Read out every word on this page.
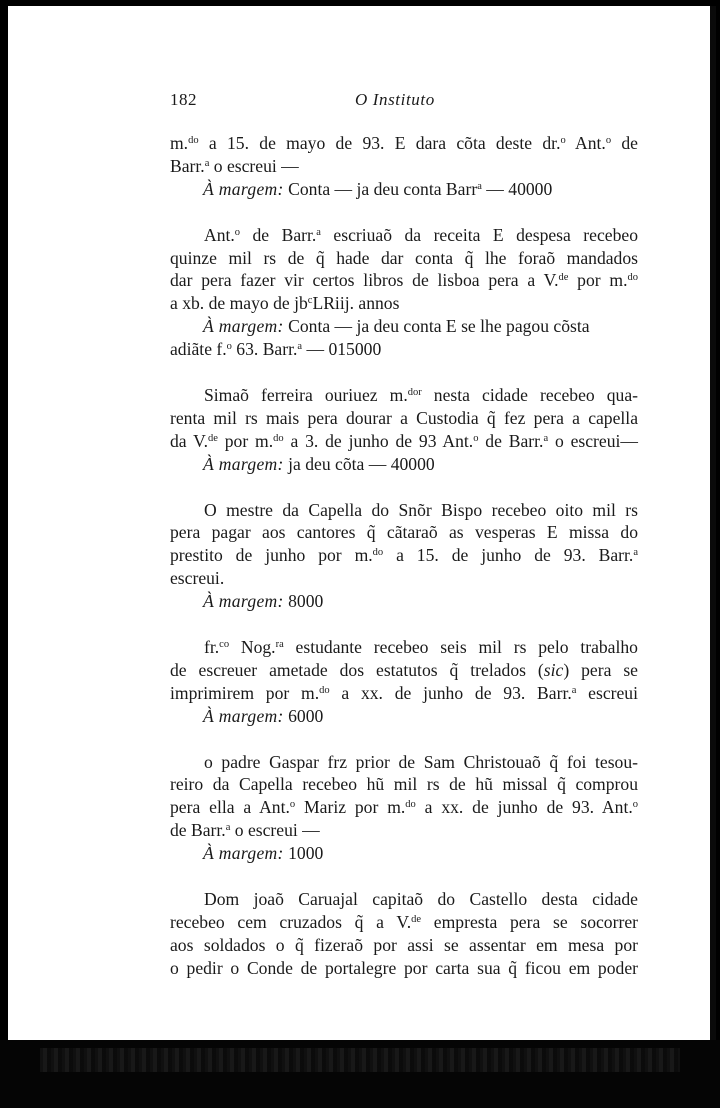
182	O Instituto
m.$^{do}$ a 15. de mayo de 93. E dara cõta deste dr.$^o$ Ant.$^o$ de
Barr.$^a$ o escreui —
À margem: Conta — ja deu conta Barr$^a$ — 40000
Ant.$^o$ de Barr.$^a$ escriuaõ da receita E despesa recebeo
quinze mil rs de q̃ hade dar conta q̃ lhe foraõ mandados
dar pera fazer vir certos libros de lisboa pera a V.$^{de}$ por m.$^{do}$
a xb. de mayo de $jb^cLRiij$. annos
À margem: Conta — ja deu conta E se lhe pagou cõsta
adiãte f.$^o$ 63. Barr.$^a$ — 015000
Simaõ ferreira ouriuez m.$^{dor}$ nesta cidade recebeo qua-
renta mil rs mais pera dourar a Custodia q̃ fez pera a capella
da V.$^{de}$ por m.$^{do}$ a 3. de junho de 93 Ant.$^o$ de Barr.$^a$ o escreui—
À margem: ja deu cõta — 40000
O mestre da Capella do Snõr Bispo recebeo oito mil rs
pera pagar aos cantores q̃ cãtaraõ as vesperas E missa do
prestito de junho por m.$^{do}$ a 15. de junho de 93. Barr.$^a$
escreui.
À margem: 8000
fr.$^{co}$ Nog.$^{ra}$ estudante recebeo seis mil rs pelo trabalho
de escreuer ametade dos estatutos q̃ trelados (sic) pera se
imprimirem por m.$^{do}$ a xx. de junho de 93. Barr.$^a$ escreui
À margem: 6000
o padre Gaspar frz prior de Sam Christouaõ q̃ foi tesou-
reiro da Capella recebeo hũ mil rs de hũ missal q̃ comprou
pera ella a Ant.$^o$ Mariz por m.$^{do}$ a xx. de junho de 93. Ant.$^o$
de Barr.$^a$ o escreui —
À margem: 1000
Dom joaõ Caruajal capitaõ do Castello desta cidade
recebeo cem cruzados q̃ a V.$^{de}$ empresta pera se socorrer
aos soldados o q̃ fizeraõ por assi se assentar em mesa por
o pedir o Conde de portalegre por carta sua q̃ ficou em poder
